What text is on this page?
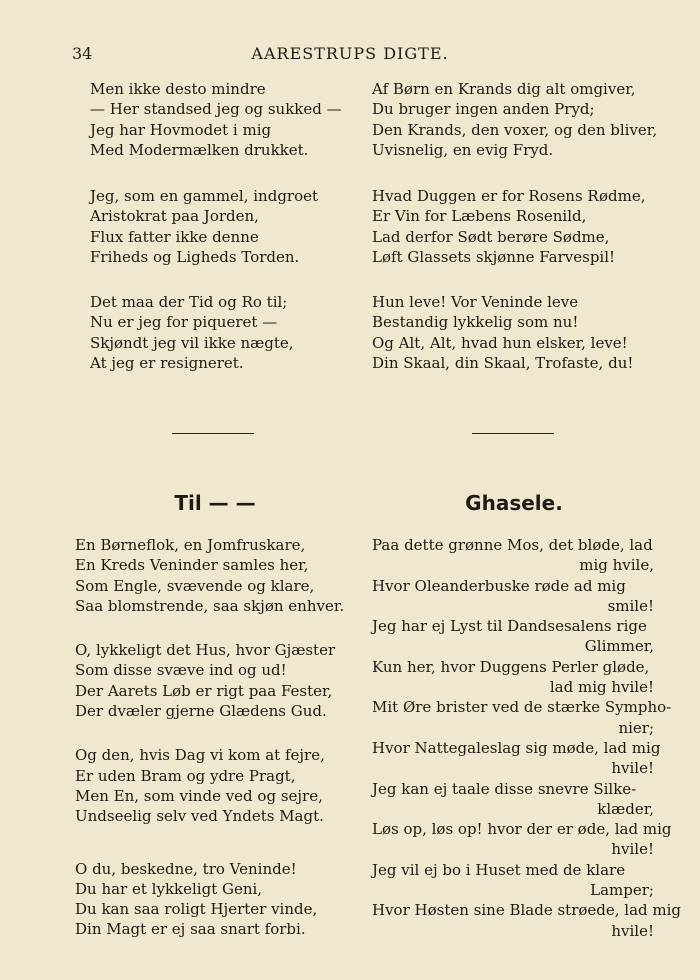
34	AARESTRUPS DIGTE.
Men ikke desto mindre
— Her standsed jeg og sukked —
Jeg har Hovmodet i mig
Med Modermælken drukket.
Jeg, som en gammel, indgroet
Aristokrat paa Jorden,
Flux fatter ikke denne
Friheds og Ligheds Torden.
Det maa der Tid og Ro til;
Nu er jeg for piqueret —
Skjøndt jeg vil ikke nægte,
At jeg er resigneret.
Af Børn en Krands dig alt omgiver,
Du bruger ingen anden Pryd;
Den Krands, den voxer, og den bliver,
Uvisnelig, en evig Fryd.
Hvad Duggen er for Rosens Rødme,
Er Vin for Læbens Rosenild,
Lad derfor Sødt berøre Sødme,
Løft Glassets skjønne Farvespil!
Hun leve! Vor Veninde leve
Bestandig lykkelig som nu!
Og Alt, Alt, hvad hun elsker, leve!
Din Skaal, din Skaal, Trofaste, du!
Til — —	Ghasele.
En Børneflok, en Jomfruskare,
En Kreds Veninder samles her,
Som Engle, svævende og klare,
Saa blomstrende, saa skjøn enhver.
O, lykkeligt det Hus, hvor Gjæster
Som disse svæve ind og ud!
Der Aarets Løb er rigt paa Fester,
Der dvæler gjerne Glædens Gud.
Og den, hvis Dag vi kom at fejre,
Er uden Bram og ydre Pragt,
Men En, som vinde ved og sejre,
Undseelig selv ved Yndets Magt.
O du, beskedne, tro Veninde!
Du har et lykkeligt Geni,
Du kan saa roligt Hjerter vinde,
Din Magt er ej saa snart forbi.
Paa dette grønne Mos, det bløde, lad
mig hvile,
Hvor Oleanderbuske røde ad mig
smile!
Jeg har ej Lyst til Dandsesalens rige
Glimmer,
Kun her, hvor Duggens Perler gløde,
lad mig hvile!
Mit Øre brister ved de stærke Sympho-
nier;
Hvor Nattegaleslag sig møde, lad mig
hvile!
Jeg kan ej taale disse snevre Silke-
klæder,
Løs op, løs op! hvor der er øde, lad mig
hvile!
Jeg vil ej bo i Huset med de klare
Lamper;
Hvor Høsten sine Blade strøede, lad mig
hvile!
